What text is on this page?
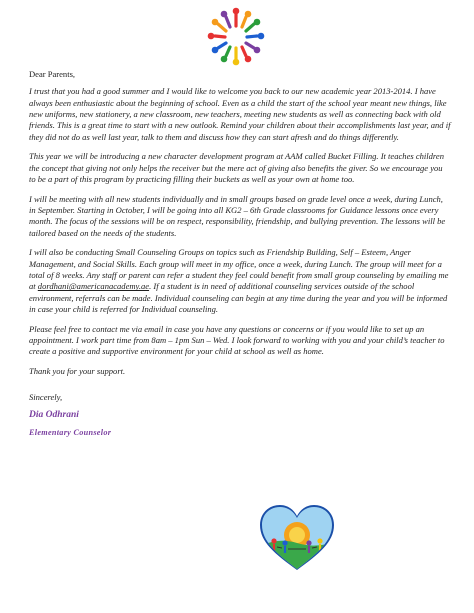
Dear Parents,

I trust that you had a good summer and I would like to welcome you back to our new academic year 2013-2014. I have always been enthusiastic about the beginning of school. Even as a child the start of the school year meant new things, like new uniforms, new stationery, a new classroom, new teachers, meeting new students as well as connecting back with old friends. This is a great time to start with a new outlook. Remind your children about their accomplishments last year, and if they did not do as well last year, talk to them and discuss how they can start afresh and do things differently.

This year we will be introducing a new character development program at AAM called Bucket Filling. It teaches children the concept that giving not only helps the receiver but the mere act of giving also benefits the giver. So we encourage you to be a part of this program by practicing filling their buckets as well as your own at home too.

I will be meeting with all new students individually and in small groups based on grade level once a week, during Lunch, in September. Starting in October, I will be going into all KG2 – 6th Grade classrooms for Guidance lessons once every month. The focus of the sessions will be on respect, responsibility, friendship, and bullying prevention. The lessons will be tailored based on the needs of the students.

I will also be conducting Small Counseling Groups on topics such as Friendship Building, Self – Esteem, Anger Management, and Social Skills. Each group will meet in my office, once a week, during Lunch. The group will meet for a total of 8 weeks. Any staff or parent can refer a student they feel could benefit from small group counseling by emailing me at dordhani@americanacademy.ae. If a student is in need of additional counseling services outside of the school environment, referrals can be made. Individual counseling can begin at any time during the year and you will be informed in case your child is referred for Individual counseling.

Please feel free to contact me via email in case you have any questions or concerns or if you would like to set up an appointment. I work part time from 8am – 1pm Sun – Wed. I look forward to working with you and your child’s teacher to create a positive and supportive environment for your child at school as well as home.

Thank you for your support.

Sincerely,

Dia Odhrani

Elementary Counselor
